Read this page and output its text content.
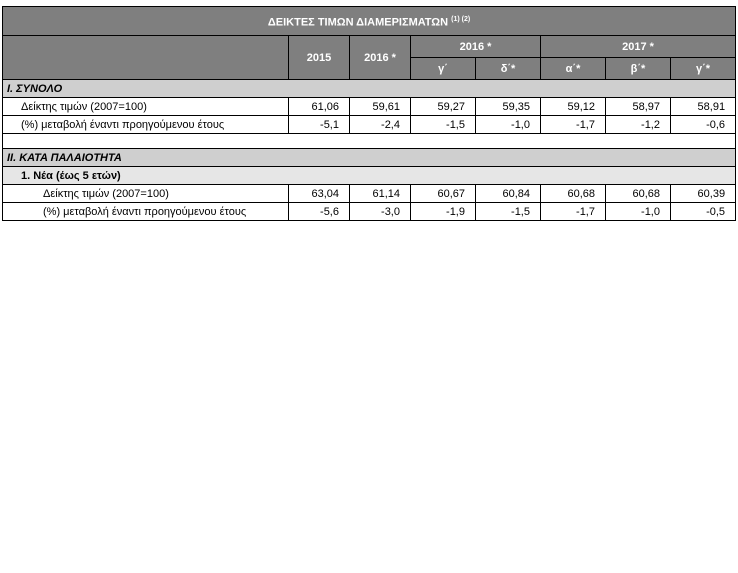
ΔΕΙΚΤΕΣ ΤΙΜΩΝ ΔΙΑΜΕΡΙΣΜΑΤΩΝ $^{(1) (2)}$
	2015	2016 *	2016 *		2017 *		
			γ΄	δ΄*	α΄*	β΄*	γ΄*
Ι. ΣΥΝΟΛΟ							
Δείκτης τιμών (2007=100)	61,06	59,61	59,27	59,35	59,12	58,97	58,91
(%) μεταβολή έναντι προηγούμενου έτους	-5,1	-2,4	-1,5	-1,0	-1,7	-1,2	-0,6

ΙΙ. ΚΑΤΑ ΠΑΛΑΙΟΤΗΤΑ							
1. Νέα (έως 5 ετών)							
Δείκτης τιμών (2007=100)	63,04	61,14	60,67	60,84	60,68	60,68	60,39
(%) μεταβολή έναντι προηγούμενου έτους	-5,6	-3,0	-1,9	-1,5	-1,7	-1,0	-0,5
